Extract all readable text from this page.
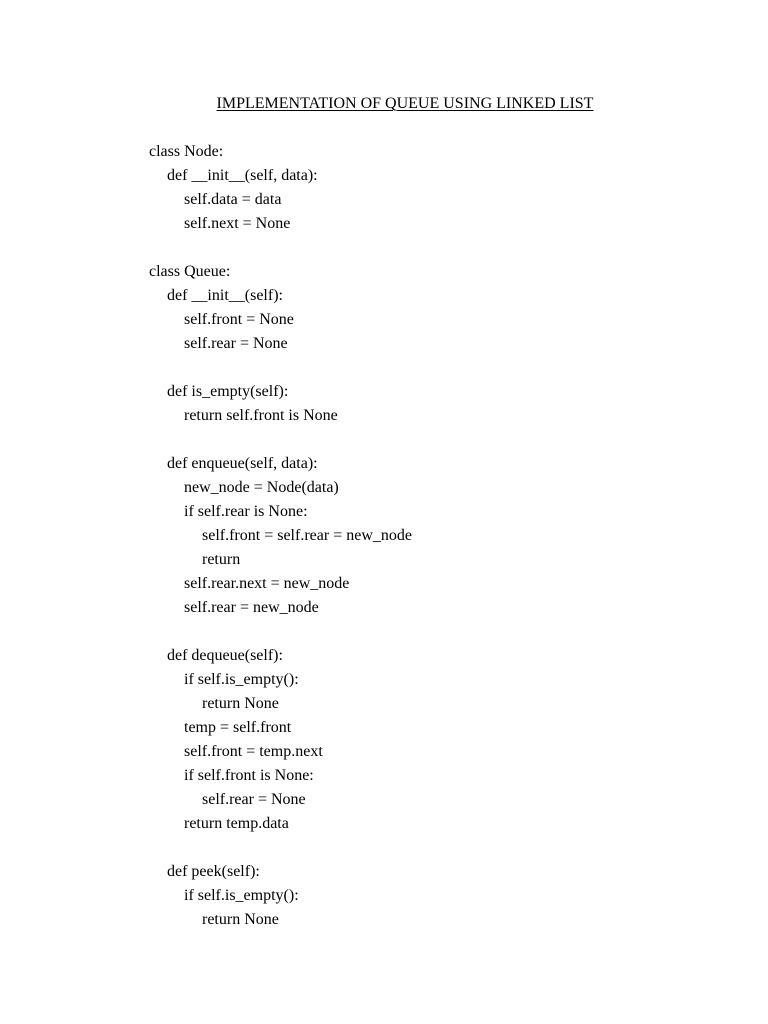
IMPLEMENTATION OF QUEUE USING LINKED LIST
class Node:
def __init__(self, data):
self.data = data
self.next = None
class Queue:
def __init__(self):
self.front = None
self.rear = None
def is_empty(self):
return self.front is None
def enqueue(self, data):
new_node = Node(data)
if self.rear is None:
self.front = self.rear = new_node
return
self.rear.next = new_node
self.rear = new_node
def dequeue(self):
if self.is_empty():
return None
temp = self.front
self.front = temp.next
if self.front is None:
self.rear = None
return temp.data
def peek(self):
if self.is_empty():
return None
